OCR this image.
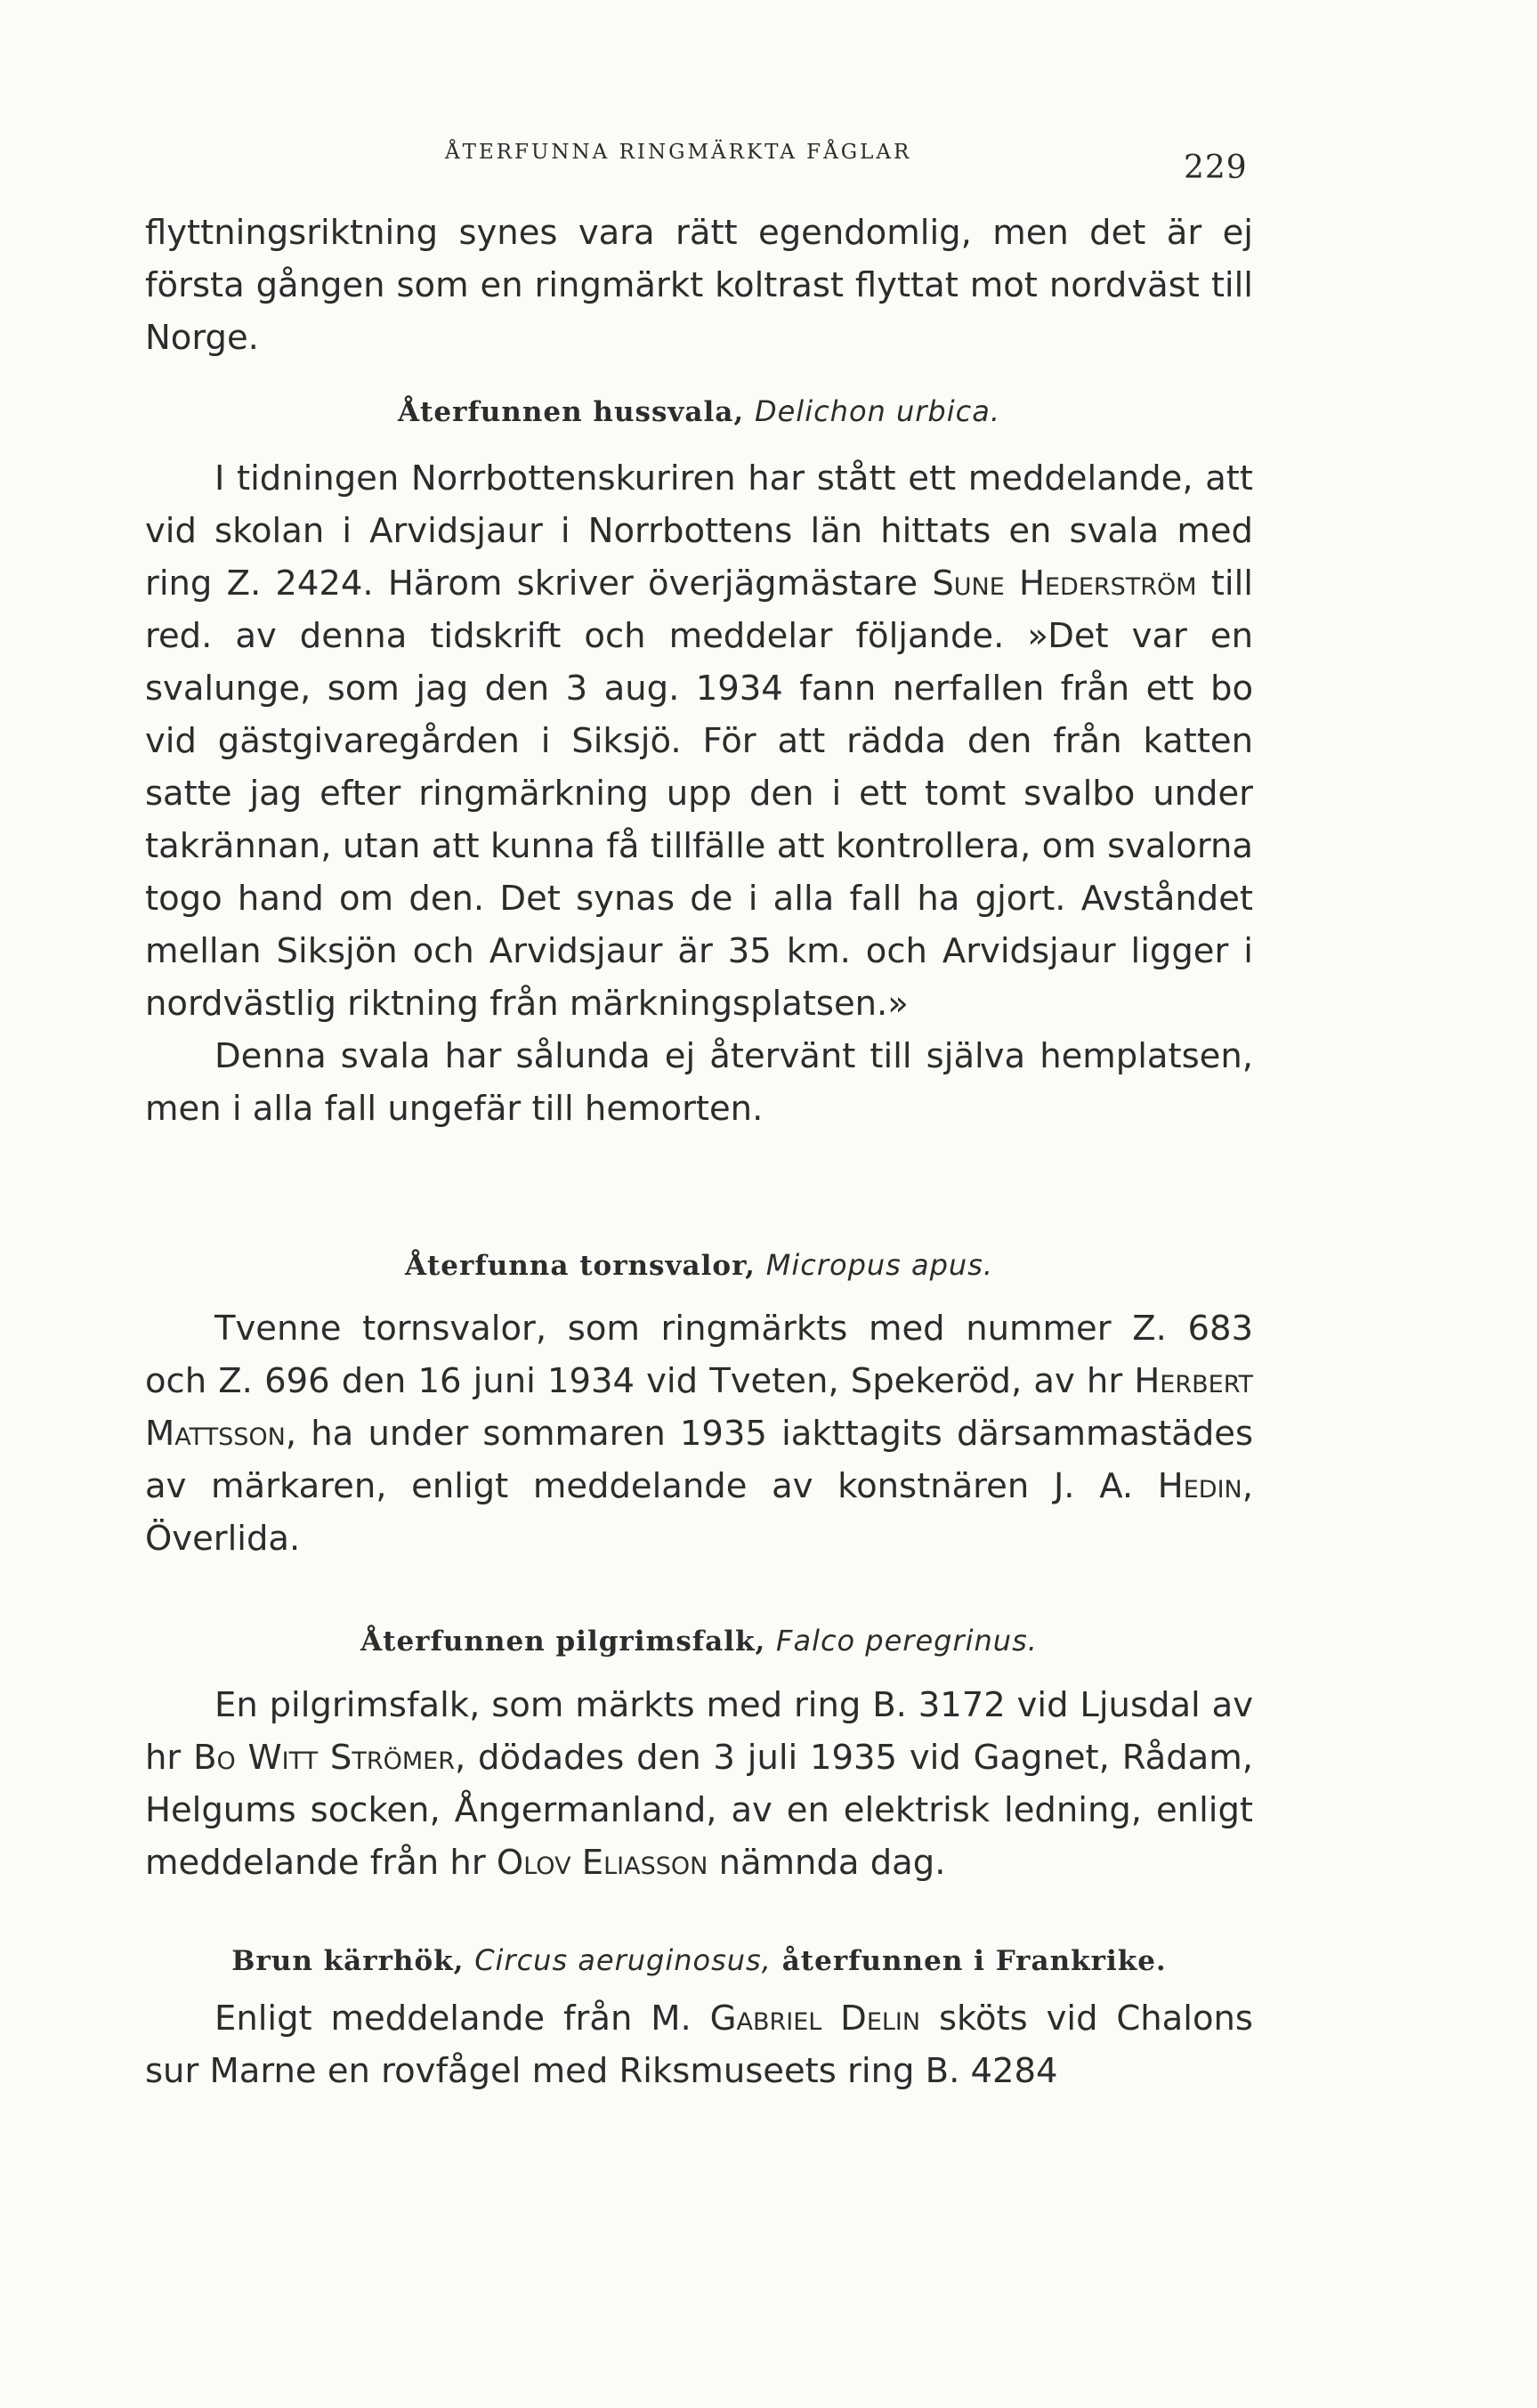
ÅTERFUNNA RINGMÄRKTA FÅGLAR	229

flyttningsriktning synes vara rätt egendomlig, men det är ej första gången som en ringmärkt koltrast flyttat mot nordväst till Norge.

Återfunnen hussvala, Delichon urbica.

I tidningen Norrbottenskuriren har stått ett meddelande, att vid skolan i Arvidsjaur i Norrbottens län hittats en svala med ring Z. 2424. Härom skriver överjägmästare Sune Hederström till red. av denna tidskrift och meddelar följande. »Det var en svalunge, som jag den 3 aug. 1934 fann nerfallen från ett bo vid gästgivaregården i Siksjö. För att rädda den från katten satte jag efter ringmärkning upp den i ett tomt svalbo under takrännan, utan att kunna få tillfälle att kontrollera, om svalorna togo hand om den. Det synas de i alla fall ha gjort. Avståndet mellan Siksjön och Arvidsjaur är 35 km. och Arvidsjaur ligger i nordvästlig riktning från märkningsplatsen.»

Denna svala har sålunda ej återvänt till själva hemplatsen, men i alla fall ungefär till hemorten.

Återfunna tornsvalor, Micropus apus.

Tvenne tornsvalor, som ringmärkts med nummer Z. 683 och Z. 696 den 16 juni 1934 vid Tveten, Spekeröd, av hr Herbert Mattsson, ha under sommaren 1935 iakttagits därsammastädes av märkaren, enligt meddelande av konstnären J. A. Hedin, Överlida.

Återfunnen pilgrimsfalk, Falco peregrinus.

En pilgrimsfalk, som märkts med ring B. 3172 vid Ljusdal av hr Bo Witt Strömer, dödades den 3 juli 1935 vid Gagnet, Rådam, Helgums socken, Ångermanland, av en elektrisk ledning, enligt meddelande från hr Olov Eliasson nämnda dag.

Brun kärrhök, Circus aeruginosus, återfunnen i Frankrike.

Enligt meddelande från M. Gabriel Delin sköts vid Chalons sur Marne en rovfågel med Riksmuseets ring B. 4284
